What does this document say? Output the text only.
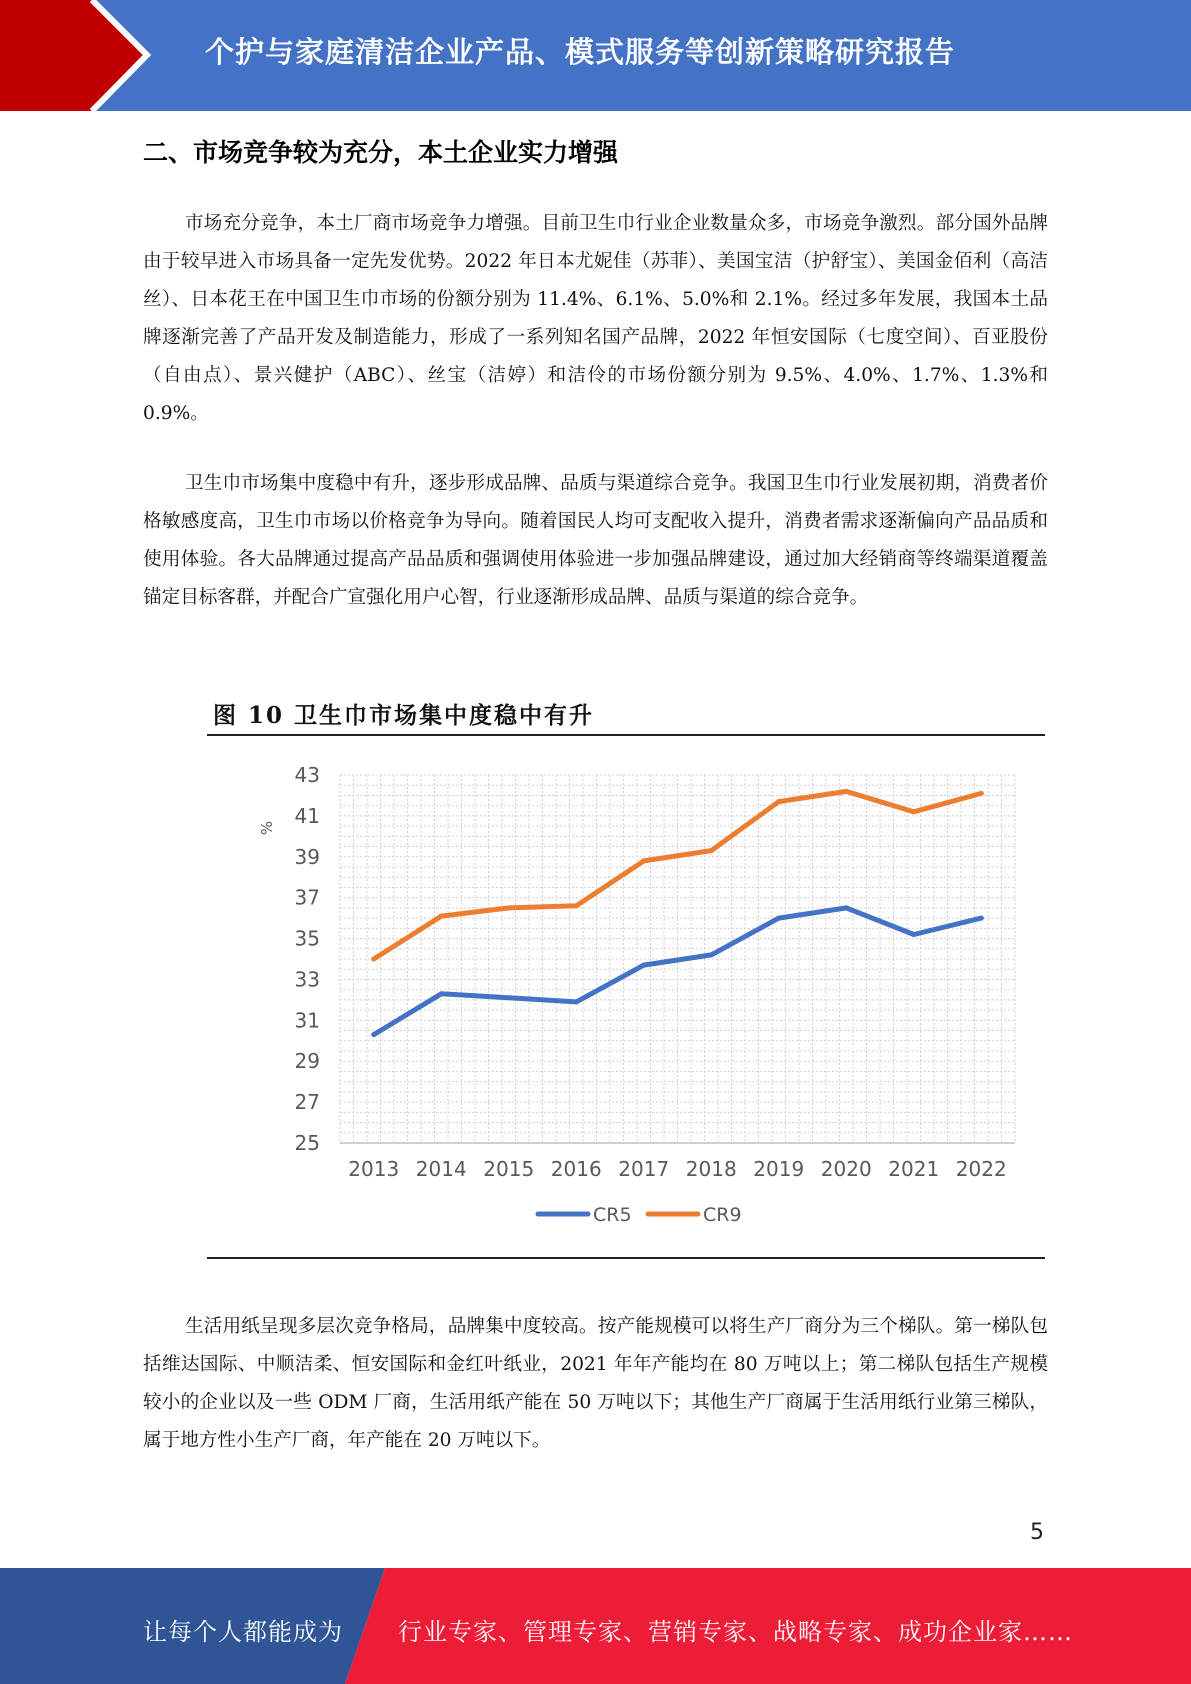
个护与家庭清洁企业产品、模式服务等创新策略研究报告
二、市场竞争较为充分，本土企业实力增强

市场充分竞争，本土厂商市场竞争力增强。目前卫生巾行业企业数量众多，市场竞争激烈。部分国外品牌由于较早进入市场具备一定先发优势。2022 年日本尤妮佳（苏菲）、美国宝洁（护舒宝）、美国金佰利（高洁丝）、日本花王在中国卫生巾市场的份额分别为 11.4%、6.1%、5.0%和 2.1%。经过多年发展，我国本土品牌逐渐完善了产品开发及制造能力，形成了一系列知名国产品牌，2022 年恒安国际（七度空间）、百亚股份（自由点）、景兴健护（ABC）、丝宝（洁婷）和洁伶的市场份额分别为 9.5%、4.0%、1.7%、1.3%和 0.9%。

卫生巾市场集中度稳中有升，逐步形成品牌、品质与渠道综合竞争。我国卫生巾行业发展初期，消费者价格敏感度高，卫生巾市场以价格竞争为导向。随着国民人均可支配收入提升，消费者需求逐渐偏向产品品质和使用体验。各大品牌通过提高产品品质和强调使用体验进一步加强品牌建设，通过加大经销商等终端渠道覆盖锚定目标客群，并配合广宣强化用户心智，行业逐渐形成品牌、品质与渠道的综合竞争。

图 10 卫生巾市场集中度稳中有升
25
27
29
31
33
35
37
39
41
43
%
2013 2014 2015 2016 2017 2018 2019 2020 2021 2022
CR5	CR9

生活用纸呈现多层次竞争格局，品牌集中度较高。按产能规模可以将生产厂商分为三个梯队。第一梯队包括维达国际、中顺洁柔、恒安国际和金红叶纸业，2021 年年产能均在 80 万吨以上；第二梯队包括生产规模较小的企业以及一些 ODM 厂商，生活用纸产能在 50 万吨以下；其他生产厂商属于生活用纸行业第三梯队，属于地方性小生产厂商，年产能在 20 万吨以下。

5
让每个人都能成为 行业专家、管理专家、营销专家、战略专家、成功企业家……
